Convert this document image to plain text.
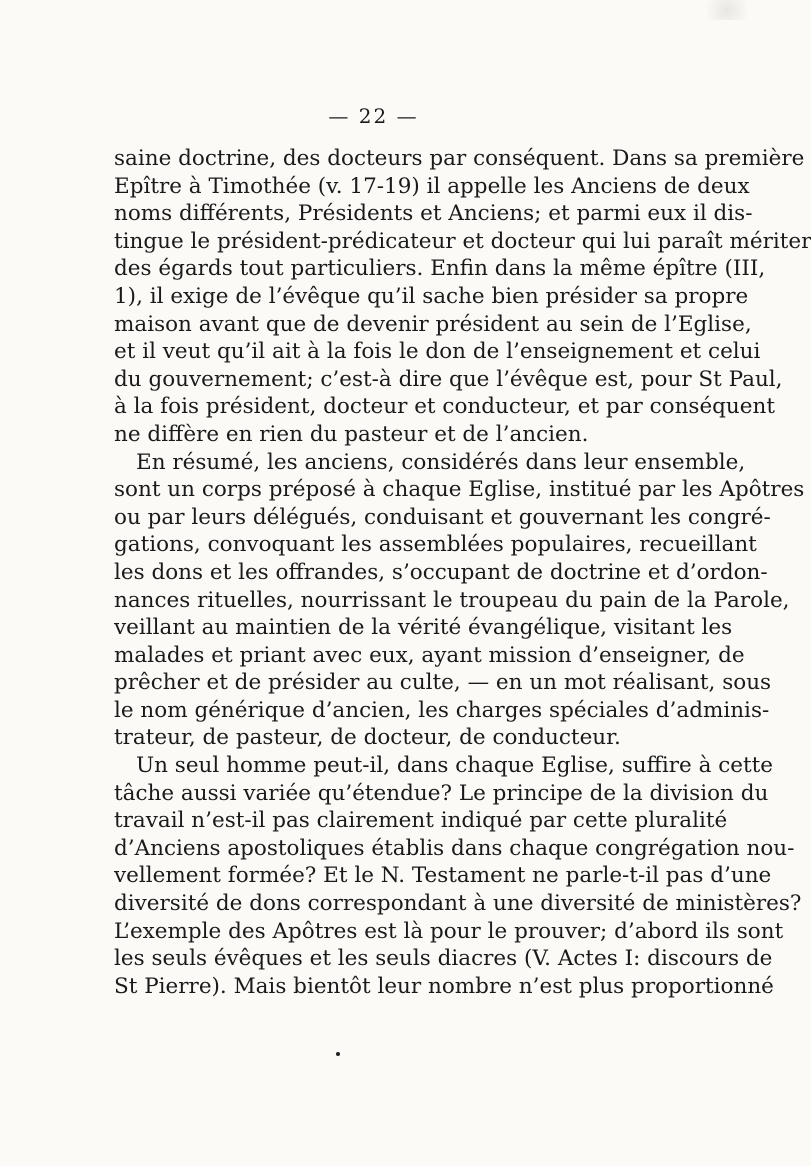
— 22 —
saine doctrine, des docteurs par conséquent. Dans sa première
Epître à Timothée (v. 17-19) il appelle les Anciens de deux
noms différents, Présidents et Anciens; et parmi eux il dis-
tingue le président-prédicateur et docteur qui lui paraît mériter
des égards tout particuliers. Enfin dans la même épître (III,
1), il exige de l’évêque qu’il sache bien présider sa propre
maison avant que de devenir président au sein de l’Eglise,
et il veut qu’il ait à la fois le don de l’enseignement et celui
du gouvernement; c’est-à dire que l’évêque est, pour St Paul,
à la fois président, docteur et conducteur, et par conséquent
ne diffère en rien du pasteur et de l’ancien.
En résumé, les anciens, considérés dans leur ensemble,
sont un corps préposé à chaque Eglise, institué par les Apôtres
ou par leurs délégués, conduisant et gouvernant les congré-
gations, convoquant les assemblées populaires, recueillant
les dons et les offrandes, s’occupant de doctrine et d’ordon-
nances rituelles, nourrissant le troupeau du pain de la Parole,
veillant au maintien de la vérité évangélique, visitant les
malades et priant avec eux, ayant mission d’enseigner, de
prêcher et de présider au culte, — en un mot réalisant, sous
le nom générique d’ancien, les charges spéciales d’adminis-
trateur, de pasteur, de docteur, de conducteur.
Un seul homme peut-il, dans chaque Eglise, suffire à cette
tâche aussi variée qu’étendue? Le principe de la division du
travail n’est-il pas clairement indiqué par cette pluralité
d’Anciens apostoliques établis dans chaque congrégation nou-
vellement formée? Et le N. Testament ne parle-t-il pas d’une
diversité de dons correspondant à une diversité de ministères?
L’exemple des Apôtres est là pour le prouver; d’abord ils sont
les seuls évêques et les seuls diacres (V. Actes I: discours de
St Pierre). Mais bientôt leur nombre n’est plus proportionné
